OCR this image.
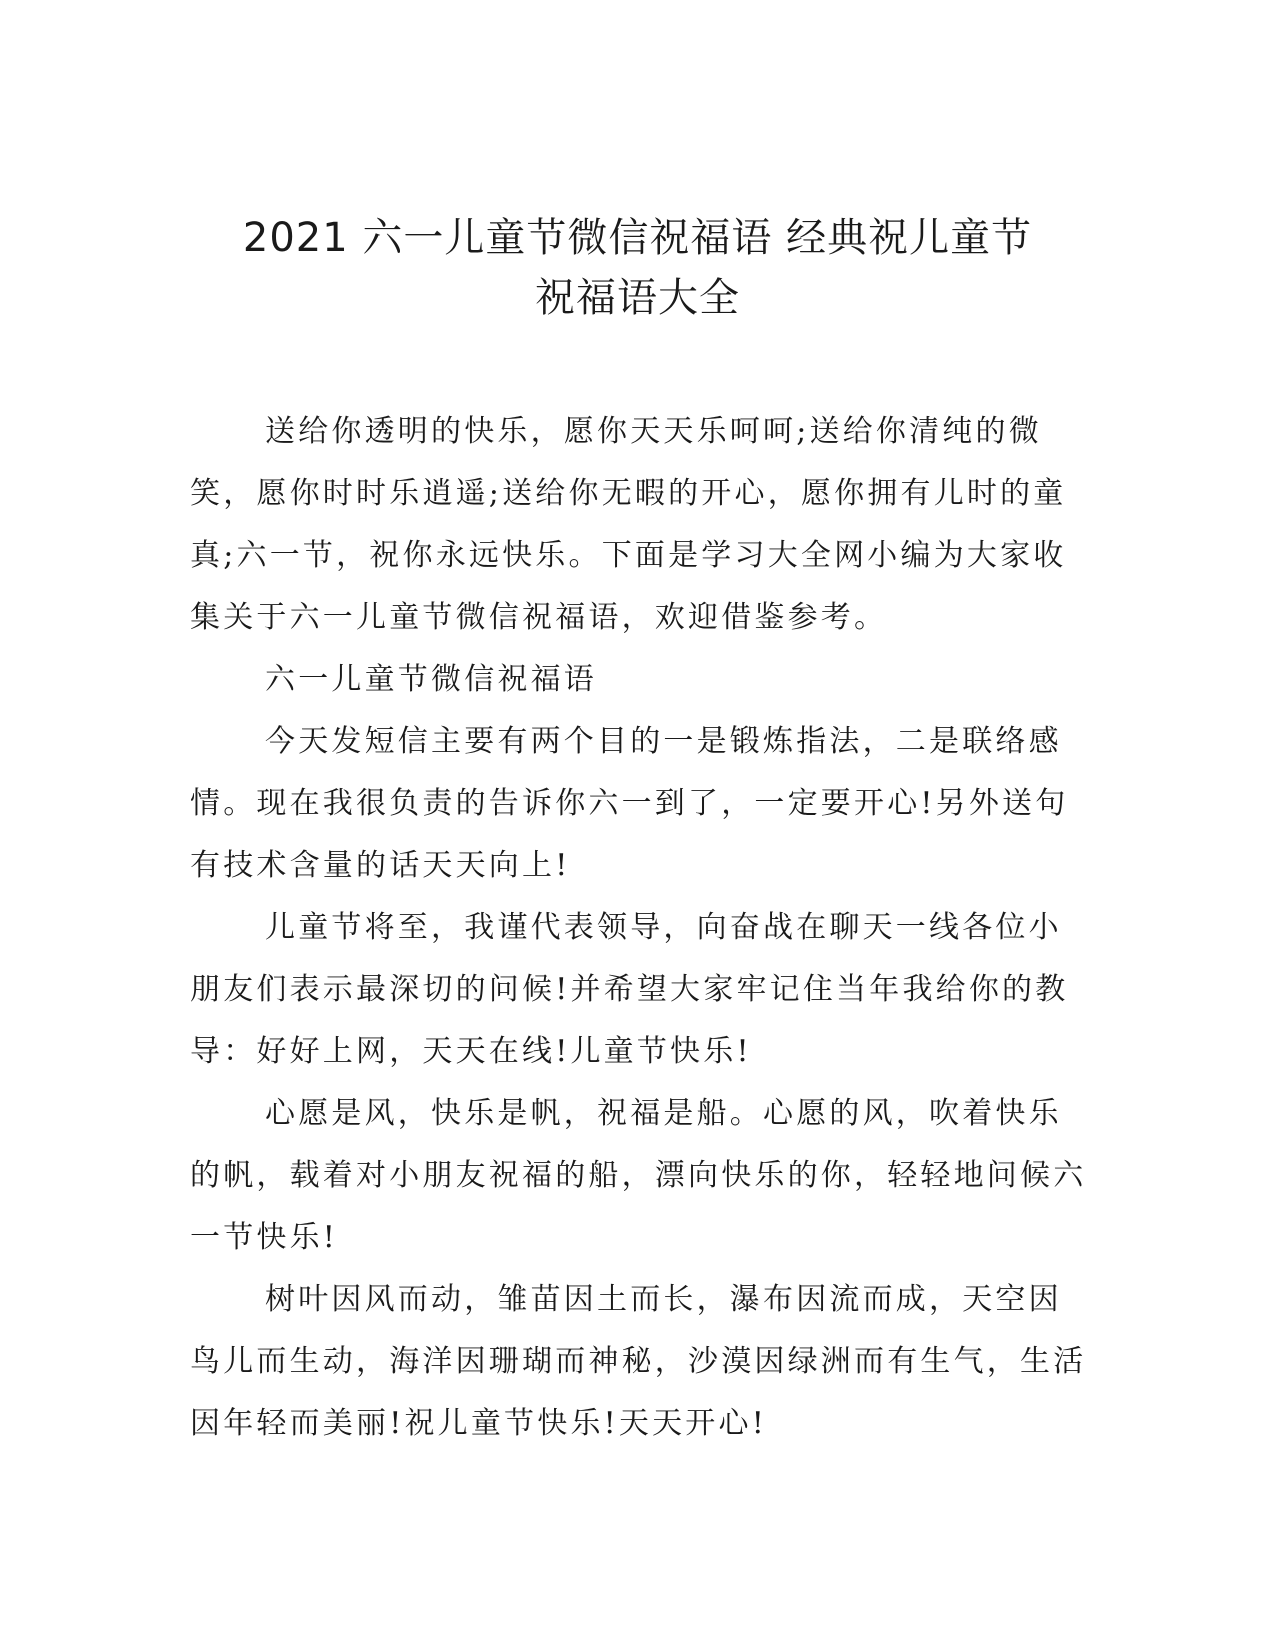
2021 六一儿童节微信祝福语 经典祝儿童节
祝福语大全

送给你透明的快乐，愿你天天乐呵呵;送给你清纯的微笑，愿你时时乐逍遥;送给你无暇的开心，愿你拥有儿时的童真;六一节，祝你永远快乐。下面是学习大全网小编为大家收集关于六一儿童节微信祝福语，欢迎借鉴参考。

六一儿童节微信祝福语

今天发短信主要有两个目的一是锻炼指法，二是联络感情。现在我很负责的告诉你六一到了，一定要开心!另外送句有技术含量的话天天向上!

儿童节将至，我谨代表领导，向奋战在聊天一线各位小朋友们表示最深切的问候!并希望大家牢记住当年我给你的教导：好好上网，天天在线!儿童节快乐!

心愿是风，快乐是帆，祝福是船。心愿的风，吹着快乐的帆，载着对小朋友祝福的船，漂向快乐的你，轻轻地问候六一节快乐!

树叶因风而动，雏苗因土而长，瀑布因流而成，天空因鸟儿而生动，海洋因珊瑚而神秘，沙漠因绿洲而有生气，生活因年轻而美丽!祝儿童节快乐!天天开心!
